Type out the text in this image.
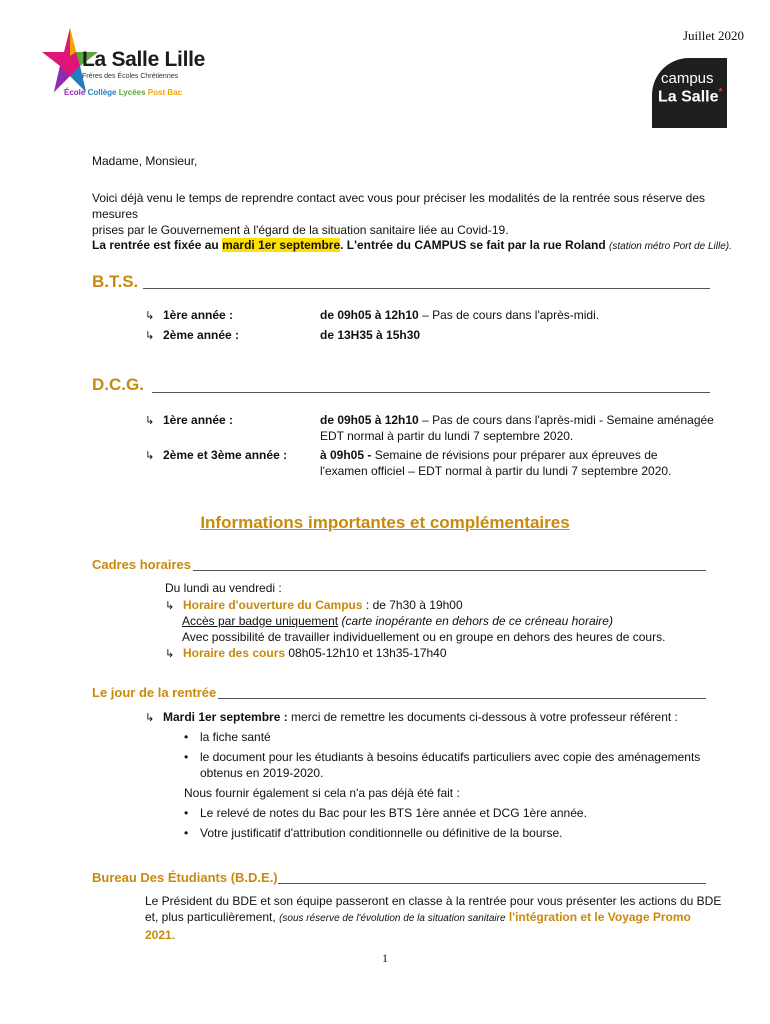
Juillet 2020
La Salle Lille
Frères des Écoles Chrétiennes
École Collège Lycées Post Bac
campus
La Salle*
Madame, Monsieur,
Voici déjà venu le temps de reprendre contact avec vous pour préciser les modalités de la rentrée sous réserve des mesures
prises par le Gouvernement à l'égard de la situation sanitaire liée au Covid-19.
La rentrée est fixée au mardi 1er septembre. L'entrée du CAMPUS se fait par la rue Roland (station métro Port de Lille).
B.T.S.
↳ 1ère année :	de 09h05 à 12h10 – Pas de cours dans l'après-midi.
↳ 2ème année :	de 13H35 à 15h30
D.C.G.
↳ 1ère année :	de 09h05 à 12h10 – Pas de cours dans l'après-midi - Semaine aménagée
EDT normal à partir du lundi 7 septembre 2020.
↳ 2ème et 3ème année :	à 09h05 - Semaine de révisions pour préparer aux épreuves de
l'examen officiel – EDT normal à partir du lundi 7 septembre 2020.
Informations importantes et complémentaires
Cadres horaires
Du lundi au vendredi :
↳ Horaire d'ouverture du Campus : de 7h30 à 19h00
Accès par badge uniquement (carte inopérante en dehors de ce créneau horaire)
Avec possibilité de travailler individuellement ou en groupe en dehors des heures de cours.
↳ Horaire des cours 08h05-12h10 et 13h35-17h40
Le jour de la rentrée
↳ Mardi 1er septembre : merci de remettre les documents ci-dessous à votre professeur référent :
• la fiche santé
• le document pour les étudiants à besoins éducatifs particuliers avec copie des aménagements
obtenus en 2019-2020.
Nous fournir également si cela n'a pas déjà été fait :
• Le relevé de notes du Bac pour les BTS 1ère année et DCG 1ère année.
• Votre justificatif d'attribution conditionnelle ou définitive de la bourse.
Bureau Des Étudiants (B.D.E.)
Le Président du BDE et son équipe passeront en classe à la rentrée pour vous présenter les actions du BDE
et, plus particulièrement, (sous réserve de l'évolution de la situation sanitaire l'intégration et le Voyage Promo
2021.
1
